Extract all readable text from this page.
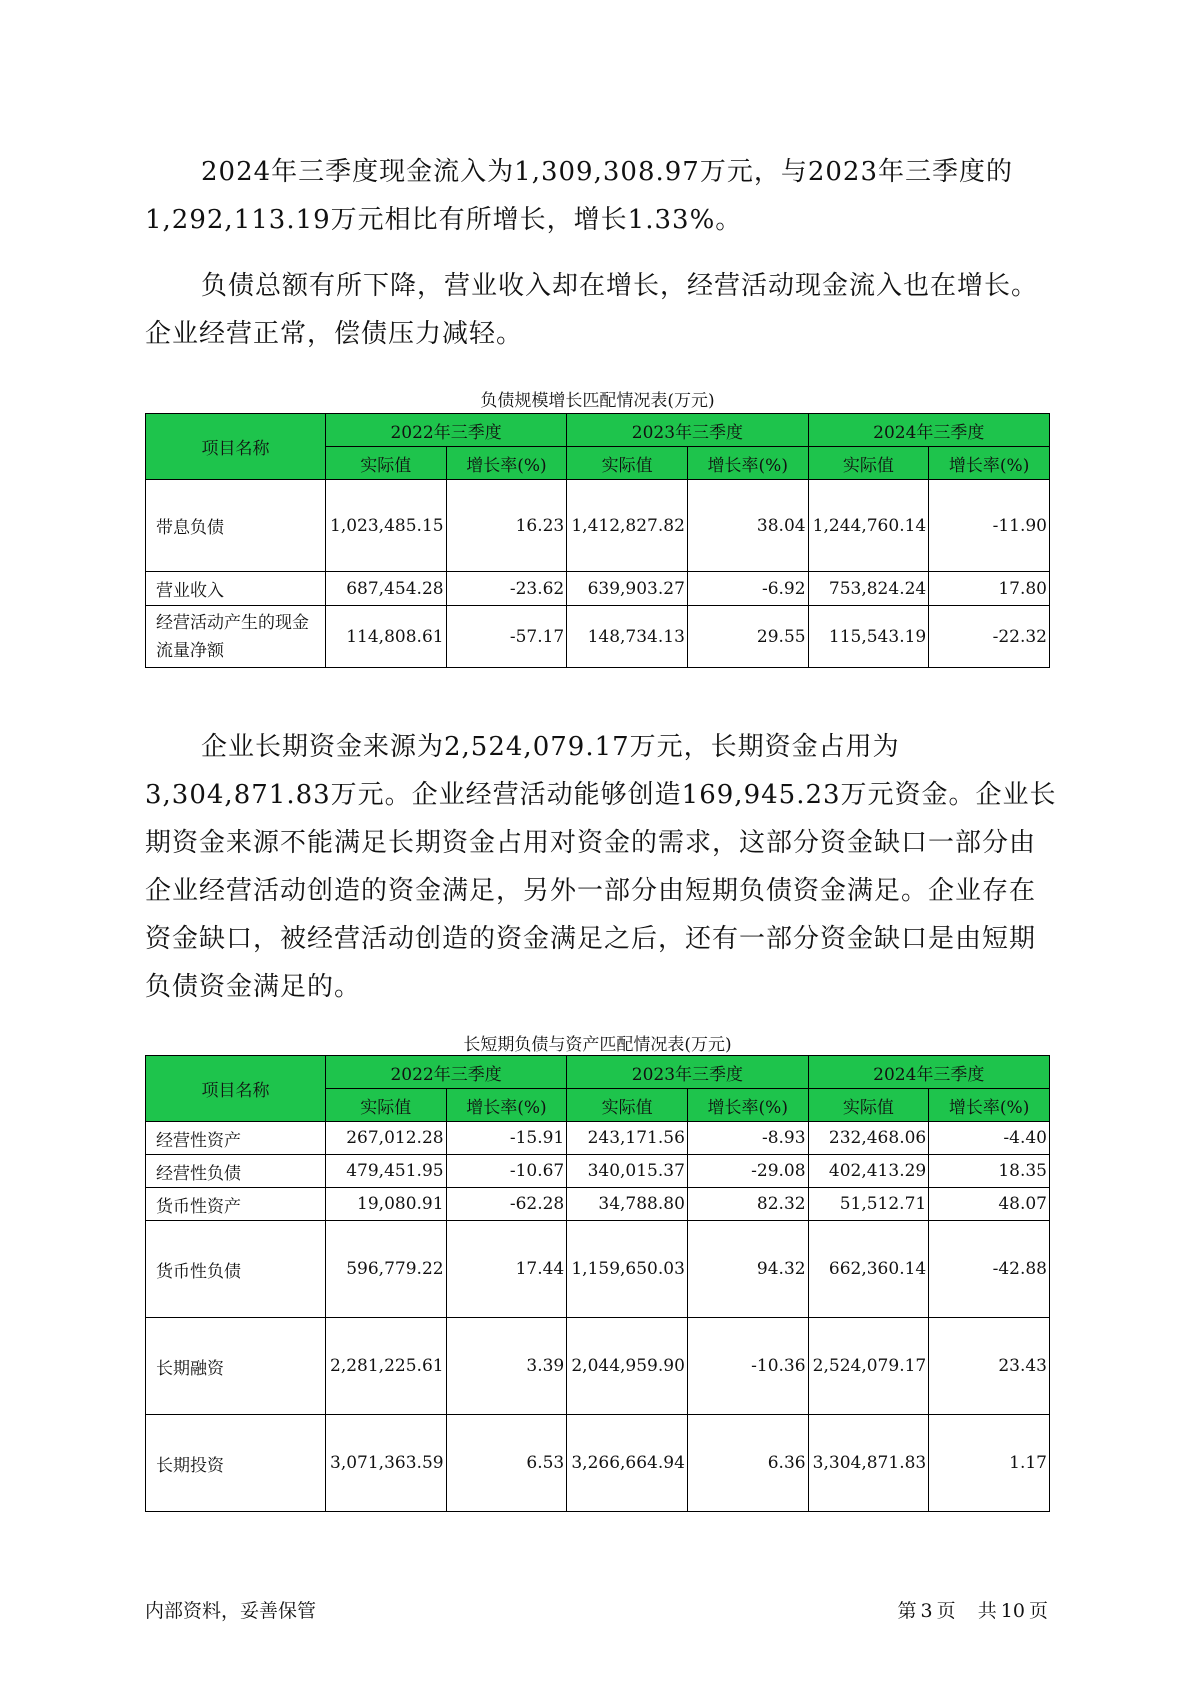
2024年三季度现金流入为1,309,308.97万元，与2023年三季度的1,292,113.19万元相比有所增长，增长1.33%。

负债总额有所下降，营业收入却在增长，经营活动现金流入也在增长。企业经营正常，偿债压力减轻。

负债规模增长匹配情况表(万元)

项目名称	2022年三季度		2023年三季度		2024年三季度	
	实际值	增长率(%)	实际值	增长率(%)	实际值	增长率(%)
带息负债	1,023,485.15	16.23	1,412,827.82	38.04	1,244,760.14	-11.90
营业收入	687,454.28	-23.62	639,903.27	-6.92	753,824.24	17.80
经营活动产生的现金流量净额	114,808.61	-57.17	148,734.13	29.55	115,543.19	-22.32

企业长期资金来源为2,524,079.17万元，长期资金占用为3,304,871.83万元。企业经营活动能够创造169,945.23万元资金。企业长期资金来源不能满足长期资金占用对资金的需求，这部分资金缺口一部分由企业经营活动创造的资金满足，另外一部分由短期负债资金满足。企业存在资金缺口，被经营活动创造的资金满足之后，还有一部分资金缺口是由短期负债资金满足的。

长短期负债与资产匹配情况表(万元)

项目名称	2022年三季度		2023年三季度		2024年三季度	
	实际值	增长率(%)	实际值	增长率(%)	实际值	增长率(%)
经营性资产	267,012.28	-15.91	243,171.56	-8.93	232,468.06	-4.40
经营性负债	479,451.95	-10.67	340,015.37	-29.08	402,413.29	18.35
货币性资产	19,080.91	-62.28	34,788.80	82.32	51,512.71	48.07
货币性负债	596,779.22	17.44	1,159,650.03	94.32	662,360.14	-42.88
长期融资	2,281,225.61	3.39	2,044,959.90	-10.36	2,524,079.17	23.43
长期投资	3,071,363.59	6.53	3,266,664.94	6.36	3,304,871.83	1.17

内部资料，妥善保管	第 3 页 共 10 页
